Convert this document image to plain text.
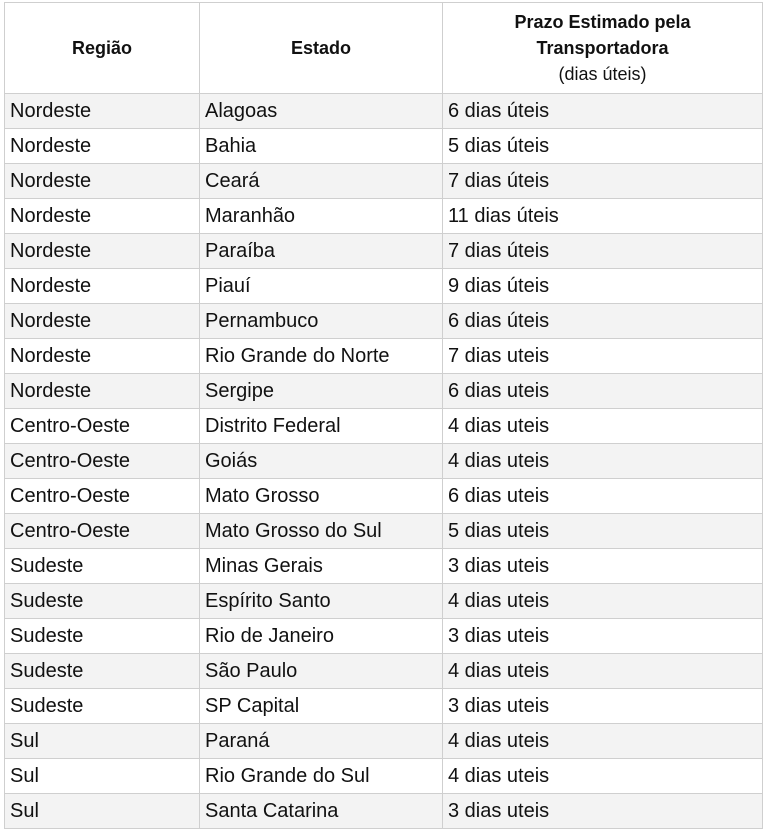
Região	Estado	Prazo Estimado pela
Transportadora
(dias úteis)

Nordeste	Alagoas	6 dias úteis
Nordeste	Bahia	5 dias úteis
Nordeste	Ceará	7 dias úteis
Nordeste	Maranhão	11 dias úteis
Nordeste	Paraíba	7 dias úteis
Nordeste	Piauí	9 dias úteis
Nordeste	Pernambuco	6 dias úteis
Nordeste	Rio Grande do Norte	7 dias uteis
Nordeste	Sergipe	6 dias uteis
Centro-Oeste	Distrito Federal	4 dias uteis
Centro-Oeste	Goiás	4 dias uteis
Centro-Oeste	Mato Grosso	6 dias uteis
Centro-Oeste	Mato Grosso do Sul	5 dias uteis
Sudeste	Minas Gerais	3 dias uteis
Sudeste	Espírito Santo	4 dias uteis
Sudeste	Rio de Janeiro	3 dias uteis
Sudeste	São Paulo	4 dias uteis
Sudeste	SP Capital	3 dias uteis
Sul	Paraná	4 dias uteis
Sul	Rio Grande do Sul	4 dias uteis
Sul	Santa Catarina	3 dias uteis
